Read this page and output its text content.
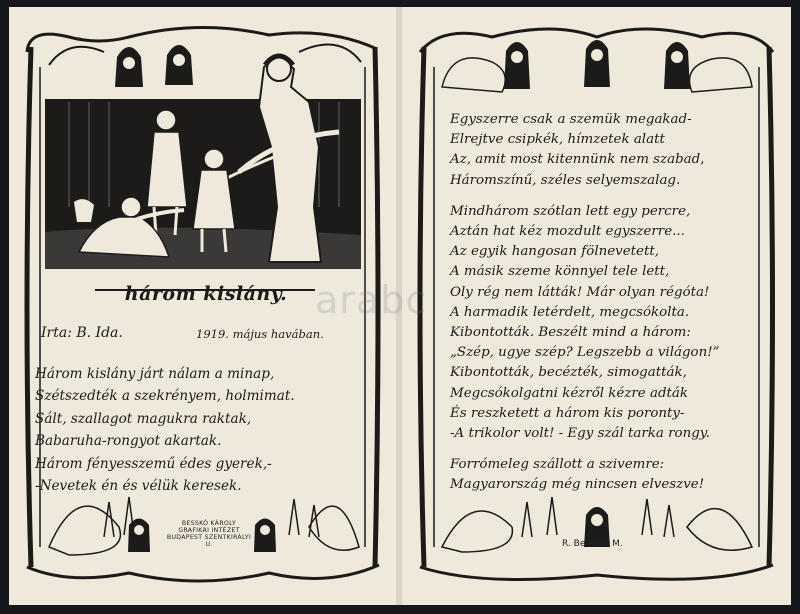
három kislány.
Irta: B. Ida.	1919. május havában.
Három kislány járt nálam a minap,
Szétszedték a szekrényem, holmimat.
Sált, szallagot magukra raktak,
Babaruha-rongyot akartak.
Három fényesszemű édes gyerek,-
-Nevetek én és vélük keresek.
BESSKÓ KÁROLY
GRAFIKAI INTÉZET
BUDAPEST SZENTKIRÁLYI U.
Egyszerre csak a szemük megakad-
Elrejtve csipkék, hímzetek alatt
Az, amit most kitennünk nem szabad,
Háromszínű, széles selyemszalag.
Mindhárom szótlan lett egy percre,
Aztán hat kéz mozdult egyszerre...
Az egyik hangosan fölnevetett,
A másik szeme könnyel tele lett,
Oly rég nem látták! Már olyan régóta!
A harmadik letérdelt, megcsókolta.
Kibontották. Beszélt mind a három:
„Szép, ugye szép? Legszebb a világon!”
Kibontották, becézték, simogatták,
Megcsókolgatni kézről kézre adták
És reszketett a három kis poronty-
-A trikolor volt! - Egy szál tarka rongy.
Forrómeleg szállott a szivemre:
Magyarország még nincsen elveszve!
R. Bereczk M.
arabc
